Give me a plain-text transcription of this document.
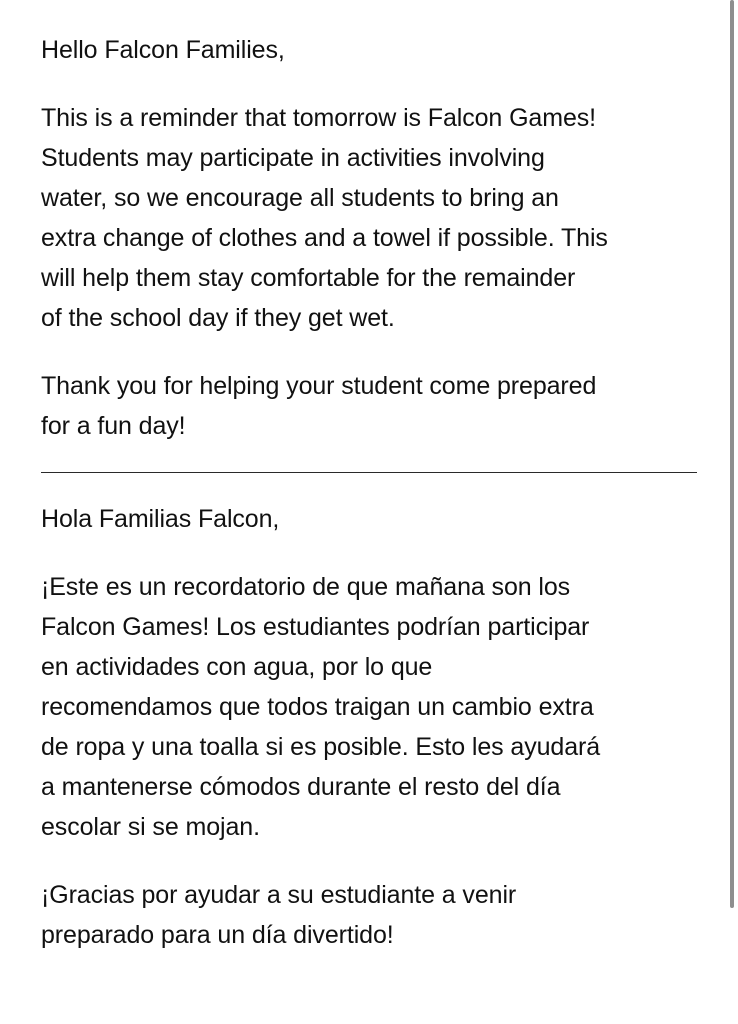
Hello Falcon Families,

This is a reminder that tomorrow is Falcon Games!
Students may participate in activities involving
water, so we encourage all students to bring an
extra change of clothes and a towel if possible. This
will help them stay comfortable for the remainder
of the school day if they get wet.

Thank you for helping your student come prepared
for a fun day!

Hola Familias Falcon,

¡Este es un recordatorio de que mañana son los
Falcon Games! Los estudiantes podrían participar
en actividades con agua, por lo que
recomendamos que todos traigan un cambio extra
de ropa y una toalla si es posible. Esto les ayudará
a mantenerse cómodos durante el resto del día
escolar si se mojan.

¡Gracias por ayudar a su estudiante a venir
preparado para un día divertido!
